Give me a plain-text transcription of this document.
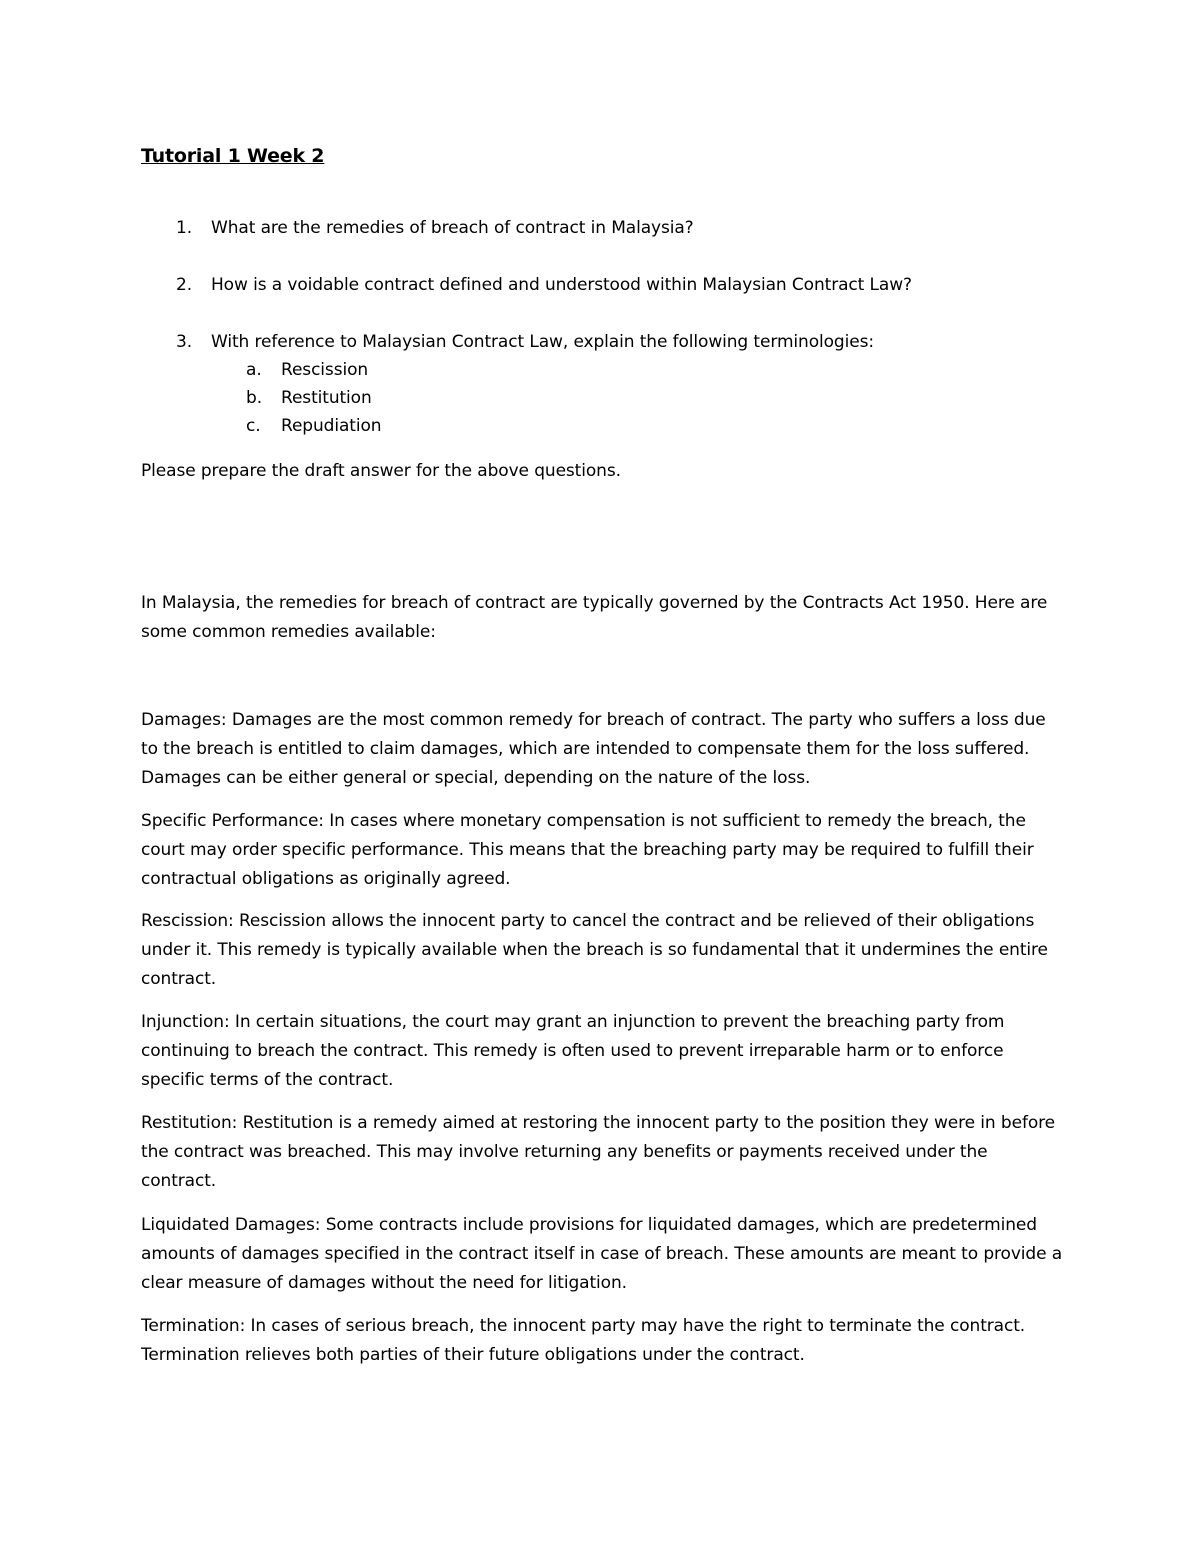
Tutorial 1 Week 2
1. What are the remedies of breach of contract in Malaysia?
2. How is a voidable contract defined and understood within Malaysian Contract Law?
3. With reference to Malaysian Contract Law, explain the following terminologies:
a. Rescission
b. Restitution
c. Repudiation

Please prepare the draft answer for the above questions.

In Malaysia, the remedies for breach of contract are typically governed by the Contracts Act 1950. Here are some common remedies available:

Damages: Damages are the most common remedy for breach of contract. The party who suffers a loss due to the breach is entitled to claim damages, which are intended to compensate them for the loss suffered. Damages can be either general or special, depending on the nature of the loss.

Specific Performance: In cases where monetary compensation is not sufficient to remedy the breach, the court may order specific performance. This means that the breaching party may be required to fulfill their contractual obligations as originally agreed.

Rescission: Rescission allows the innocent party to cancel the contract and be relieved of their obligations under it. This remedy is typically available when the breach is so fundamental that it undermines the entire contract.

Injunction: In certain situations, the court may grant an injunction to prevent the breaching party from continuing to breach the contract. This remedy is often used to prevent irreparable harm or to enforce specific terms of the contract.

Restitution: Restitution is a remedy aimed at restoring the innocent party to the position they were in before the contract was breached. This may involve returning any benefits or payments received under the contract.

Liquidated Damages: Some contracts include provisions for liquidated damages, which are predetermined amounts of damages specified in the contract itself in case of breach. These amounts are meant to provide a clear measure of damages without the need for litigation.

Termination: In cases of serious breach, the innocent party may have the right to terminate the contract. Termination relieves both parties of their future obligations under the contract.
